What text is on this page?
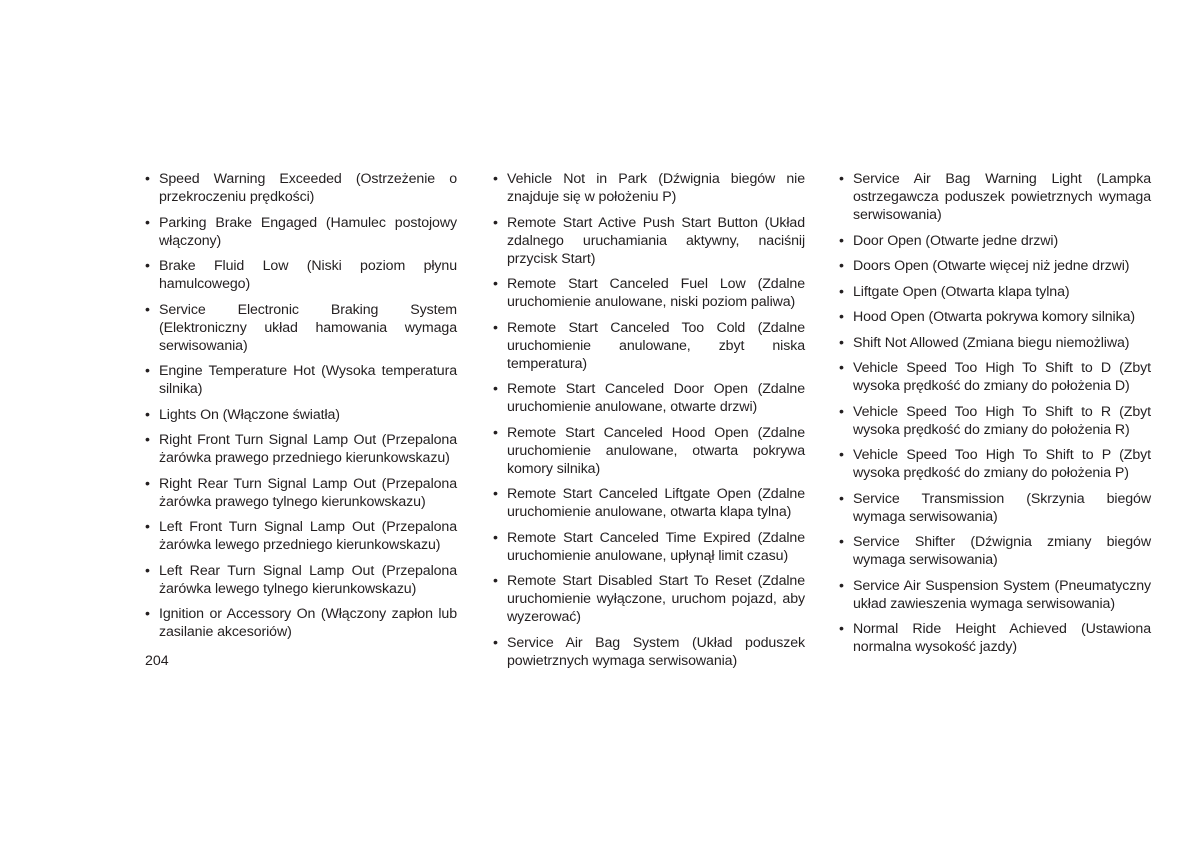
• Speed Warning Exceeded (Ostrzeżenie o przekroczeniu prędkości)
• Parking Brake Engaged (Hamulec postojowy włączony)
• Brake Fluid Low (Niski poziom płynu hamulcowego)
• Service Electronic Braking System (Elektroniczny układ hamowania wymaga serwisowania)
• Engine Temperature Hot (Wysoka temperatura silnika)
• Lights On (Włączone światła)
• Right Front Turn Signal Lamp Out (Przepalona żarówka prawego przedniego kierunkowskazu)
• Right Rear Turn Signal Lamp Out (Przepalona żarówka prawego tylnego kierunkowskazu)
• Left Front Turn Signal Lamp Out (Przepalona żarówka lewego przedniego kierunkowskazu)
• Left Rear Turn Signal Lamp Out (Przepalona żarówka lewego tylnego kierunkowskazu)
• Ignition or Accessory On (Włączony zapłon lub zasilanie akcesoriów)
• Vehicle Not in Park (Dźwignia biegów nie znajduje się w położeniu P)
• Remote Start Active Push Start Button (Układ zdalnego uruchamiania aktywny, naciśnij przycisk Start)
• Remote Start Canceled Fuel Low (Zdalne uruchomienie anulowane, niski poziom paliwa)
• Remote Start Canceled Too Cold (Zdalne uruchomienie anulowane, zbyt niska temperatura)
• Remote Start Canceled Door Open (Zdalne uruchomienie anulowane, otwarte drzwi)
• Remote Start Canceled Hood Open (Zdalne uruchomienie anulowane, otwarta pokrywa komory silnika)
• Remote Start Canceled Liftgate Open (Zdalne uruchomienie anulowane, otwarta klapa tylna)
• Remote Start Canceled Time Expired (Zdalne uruchomienie anulowane, upłynął limit czasu)
• Remote Start Disabled Start To Reset (Zdalne uruchomienie wyłączone, uruchom pojazd, aby wyzerować)
• Service Air Bag System (Układ poduszek powietrznych wymaga serwisowania)
• Service Air Bag Warning Light (Lampka ostrzegawcza poduszek powietrznych wymaga serwisowania)
• Door Open (Otwarte jedne drzwi)
• Doors Open (Otwarte więcej niż jedne drzwi)
• Liftgate Open (Otwarta klapa tylna)
• Hood Open (Otwarta pokrywa komory silnika)
• Shift Not Allowed (Zmiana biegu niemożliwa)
• Vehicle Speed Too High To Shift to D (Zbyt wysoka prędkość do zmiany do położenia D)
• Vehicle Speed Too High To Shift to R (Zbyt wysoka prędkość do zmiany do położenia R)
• Vehicle Speed Too High To Shift to P (Zbyt wysoka prędkość do zmiany do położenia P)
• Service Transmission (Skrzynia biegów wymaga serwisowania)
• Service Shifter (Dźwignia zmiany biegów wymaga serwisowania)
• Service Air Suspension System (Pneumatyczny układ zawieszenia wymaga serwisowania)
• Normal Ride Height Achieved (Ustawiona normalna wysokość jazdy)
204
